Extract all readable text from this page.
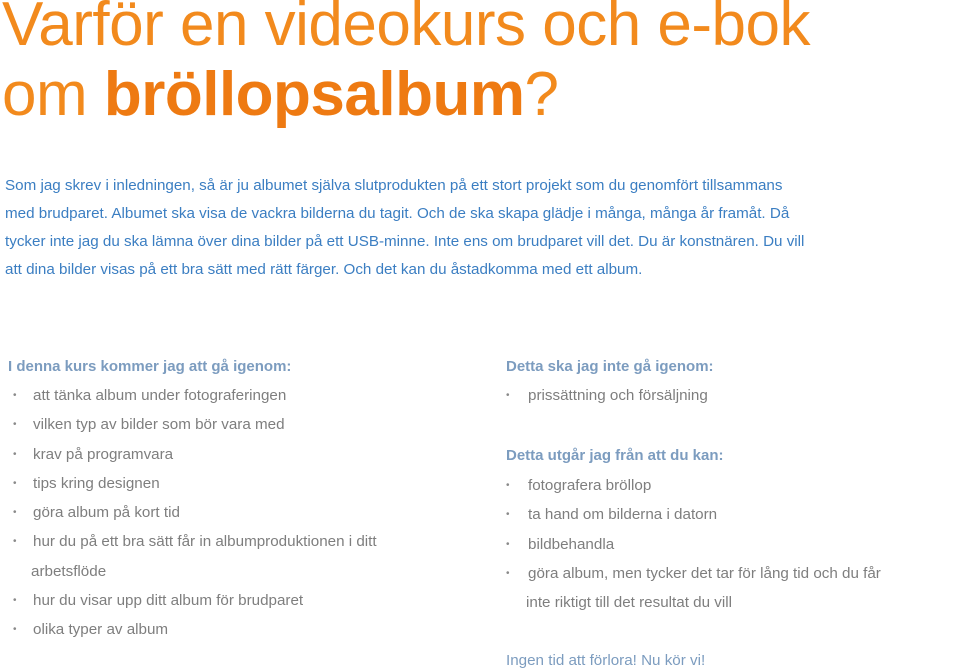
Varför en videokurs och e-bok
om bröllopsalbum?

Som jag skrev i inledningen, så är ju albumet själva slutprodukten på ett stort projekt som du genomfört tillsammans
med brudparet. Albumet ska visa de vackra bilderna du tagit. Och de ska skapa glädje i många, många år framåt. Då
tycker inte jag du ska lämna över dina bilder på ett USB-minne. Inte ens om brudparet vill det. Du är konstnären. Du vill
att dina bilder visas på ett bra sätt med rätt färger. Och det kan du åstadkomma med ett album.

I denna kurs kommer jag att gå igenom:
• att tänka album under fotograferingen
• vilken typ av bilder som bör vara med
• krav på programvara
• tips kring designen
• göra album på kort tid
• hur du på ett bra sätt får in albumproduktionen i ditt
arbetsflöde
• hur du visar upp ditt album för brudparet
• olika typer av album
Detta ska jag inte gå igenom:
• prissättning och försäljning
Detta utgår jag från att du kan:
• fotografera bröllop
• ta hand om bilderna i datorn
• bildbehandla
• göra album, men tycker det tar för lång tid och du får
inte riktigt till det resultat du vill

Ingen tid att förlora! Nu kör vi!
